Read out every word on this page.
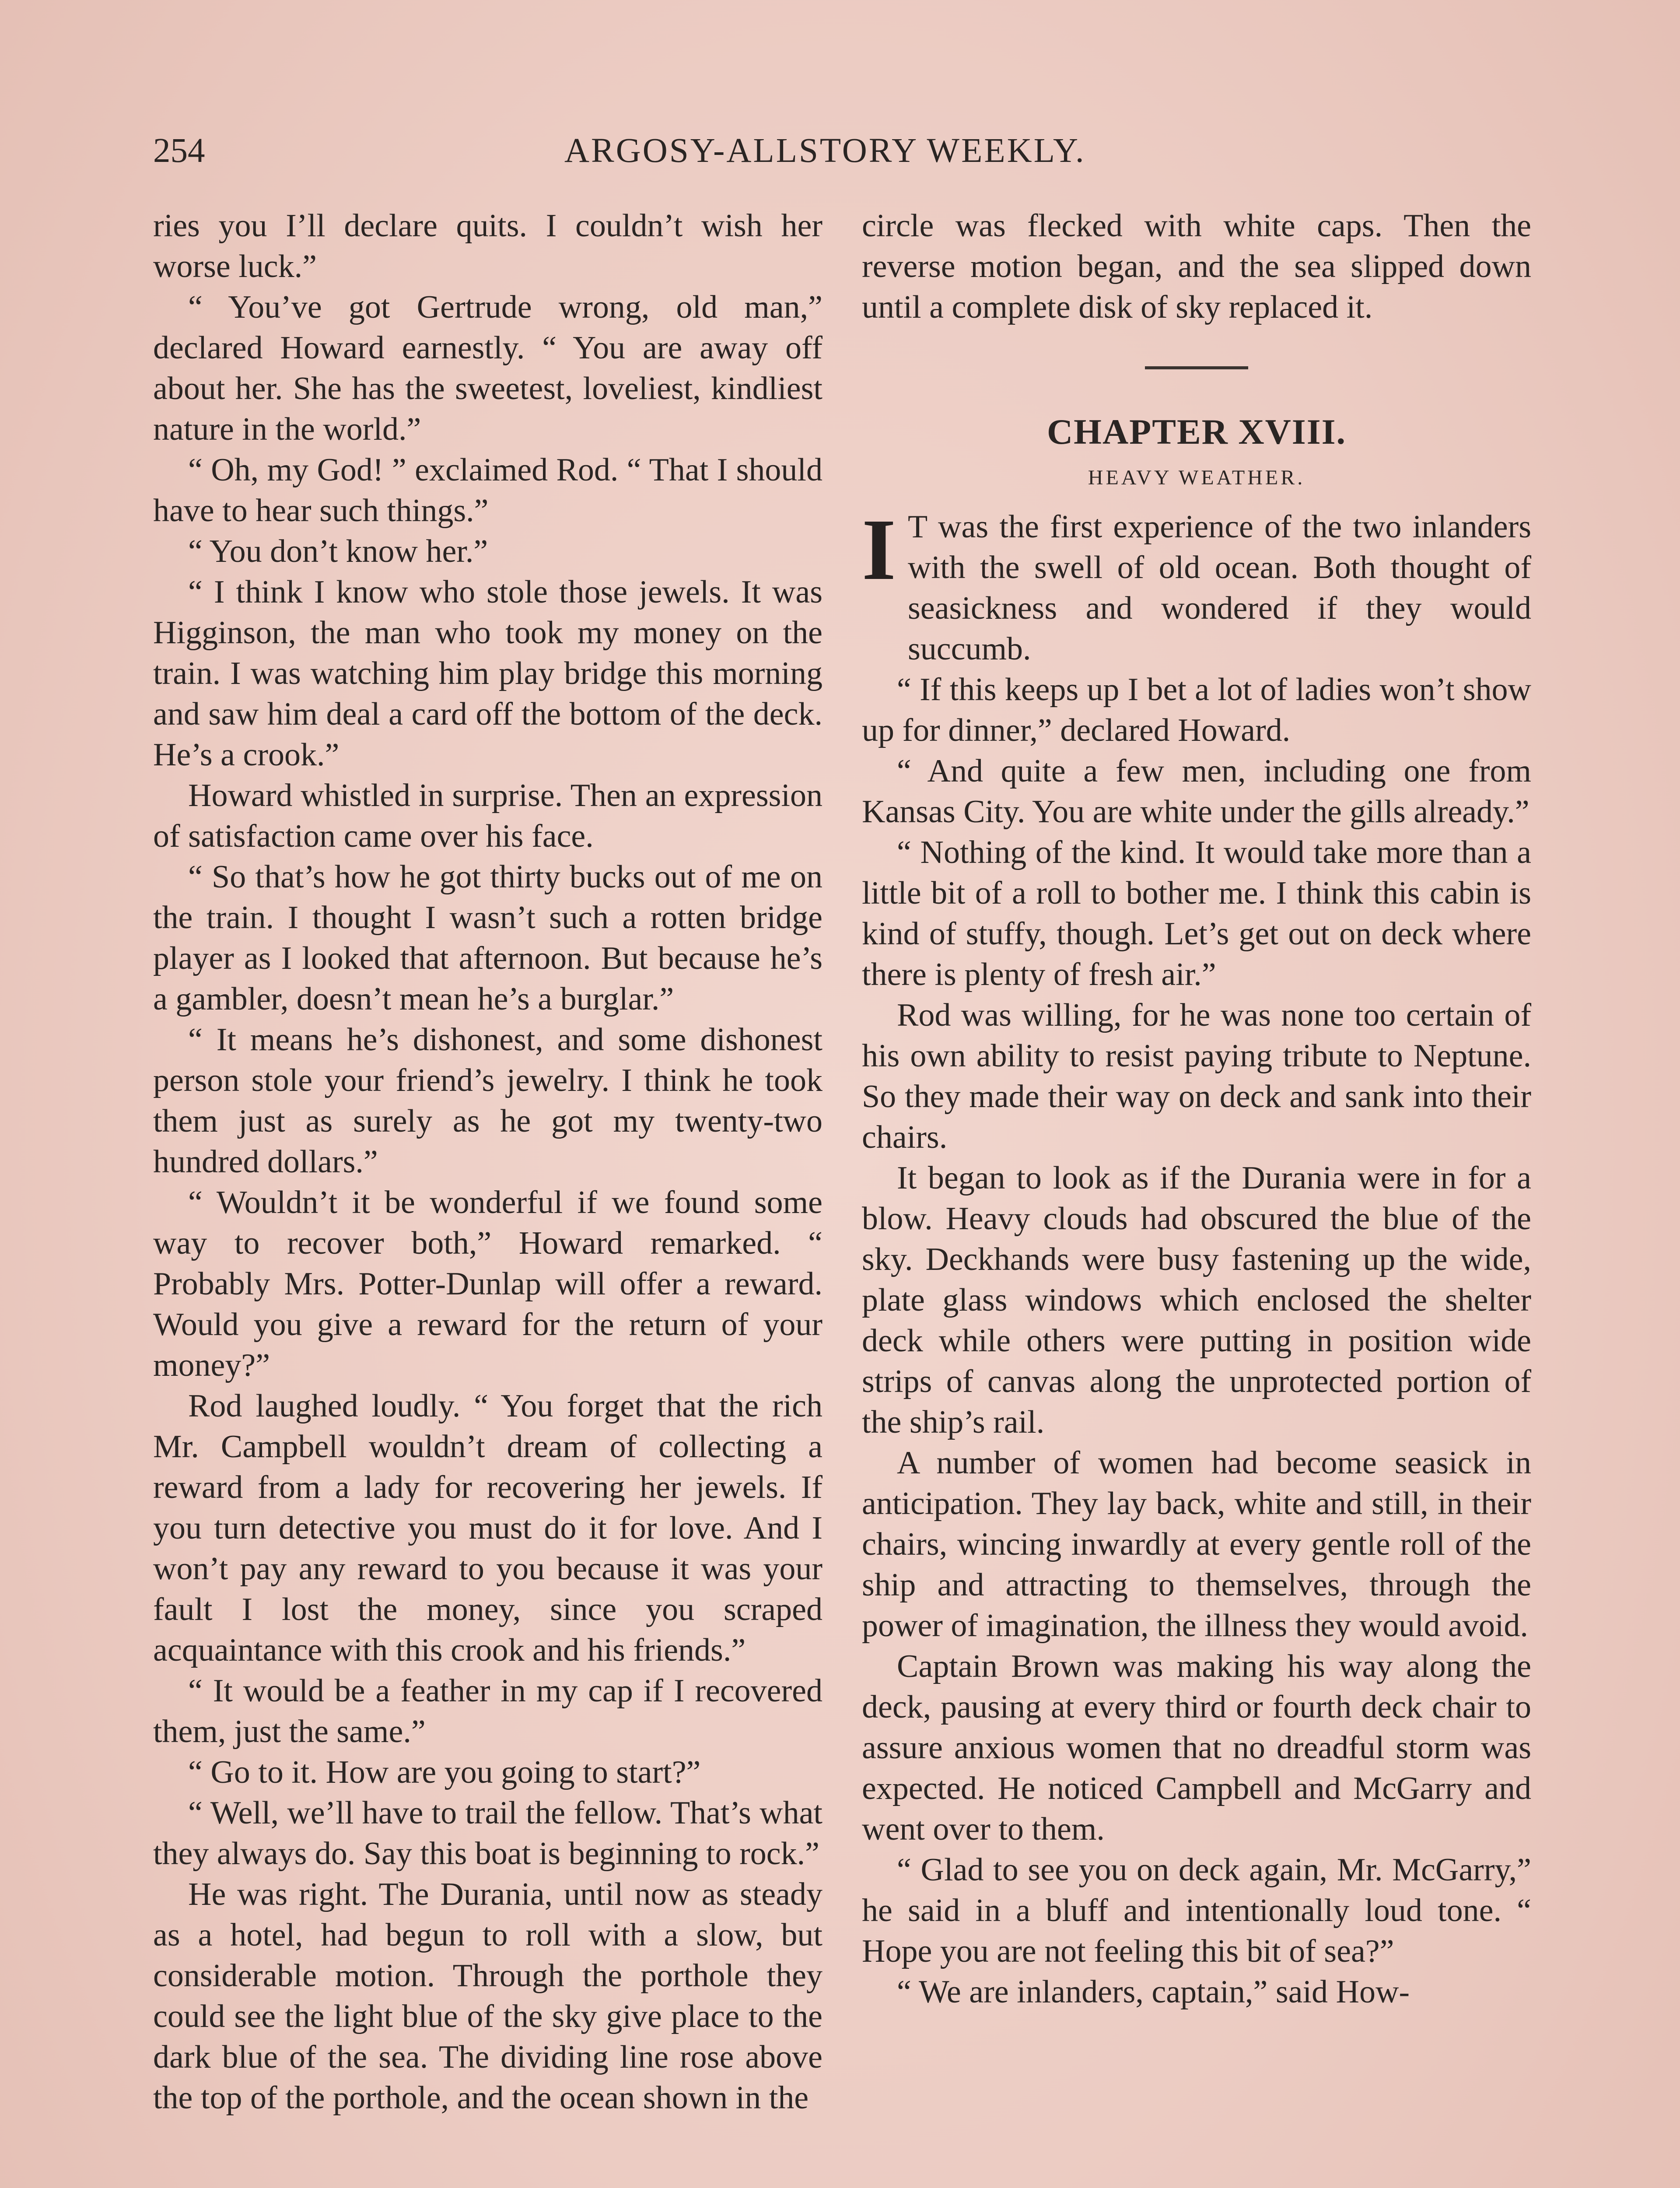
254	ARGOSY-ALLSTORY WEEKLY.

ries you I’ll declare quits. I couldn’t wish her worse luck.”

“ You’ve got Gertrude wrong, old man,” declared Howard earnestly. “ You are away off about her. She has the sweetest, loveliest, kindliest nature in the world.”

“ Oh, my God! ” exclaimed Rod. “ That I should have to hear such things.”

“ You don’t know her.”

“ I think I know who stole those jewels. It was Higginson, the man who took my money on the train. I was watching him play bridge this morning and saw him deal a card off the bottom of the deck. He’s a crook.”

Howard whistled in surprise. Then an expression of satisfaction came over his face.

“ So that’s how he got thirty bucks out of me on the train. I thought I wasn’t such a rotten bridge player as I looked that afternoon. But because he’s a gambler, doesn’t mean he’s a burglar.”

“ It means he’s dishonest, and some dishonest person stole your friend’s jewelry. I think he took them just as surely as he got my twenty-two hundred dollars.”

“ Wouldn’t it be wonderful if we found some way to recover both,” Howard remarked. “ Probably Mrs. Potter-Dunlap will offer a reward. Would you give a reward for the return of your money?”

Rod laughed loudly. “ You forget that the rich Mr. Campbell wouldn’t dream of collecting a reward from a lady for recovering her jewels. If you turn detective you must do it for love. And I won’t pay any reward to you because it was your fault I lost the money, since you scraped acquaintance with this crook and his friends.”

“ It would be a feather in my cap if I recovered them, just the same.”

“ Go to it. How are you going to start?”

“ Well, we’ll have to trail the fellow. That’s what they always do. Say this boat is beginning to rock.”

He was right. The Durania, until now as steady as a hotel, had begun to roll with a slow, but considerable motion. Through the porthole they could see the light blue of the sky give place to the dark blue of the sea. The dividing line rose above the top of the porthole, and the ocean shown in the

circle was flecked with white caps. Then the reverse motion began, and the sea slipped down until a complete disk of sky replaced it.

CHAPTER XVIII.
HEAVY WEATHER.
I T was the first experience of the two inlanders with the swell of old ocean. Both thought of seasickness and wondered if they would succumb.

“ If this keeps up I bet a lot of ladies won’t show up for dinner,” declared Howard.

“ And quite a few men, including one from Kansas City. You are white under the gills already.”

“ Nothing of the kind. It would take more than a little bit of a roll to bother me. I think this cabin is kind of stuffy, though. Let’s get out on deck where there is plenty of fresh air.”

Rod was willing, for he was none too certain of his own ability to resist paying tribute to Neptune. So they made their way on deck and sank into their chairs.

It began to look as if the Durania were in for a blow. Heavy clouds had obscured the blue of the sky. Deckhands were busy fastening up the wide, plate glass windows which enclosed the shelter deck while others were putting in position wide strips of canvas along the unprotected portion of the ship’s rail.

A number of women had become seasick in anticipation. They lay back, white and still, in their chairs, wincing inwardly at every gentle roll of the ship and attracting to themselves, through the power of imagination, the illness they would avoid.

Captain Brown was making his way along the deck, pausing at every third or fourth deck chair to assure anxious women that no dreadful storm was expected. He noticed Campbell and McGarry and went over to them.

“ Glad to see you on deck again, Mr. McGarry,” he said in a bluff and intentionally loud tone. “ Hope you are not feeling this bit of sea?”

“ We are inlanders, captain,” said How-
